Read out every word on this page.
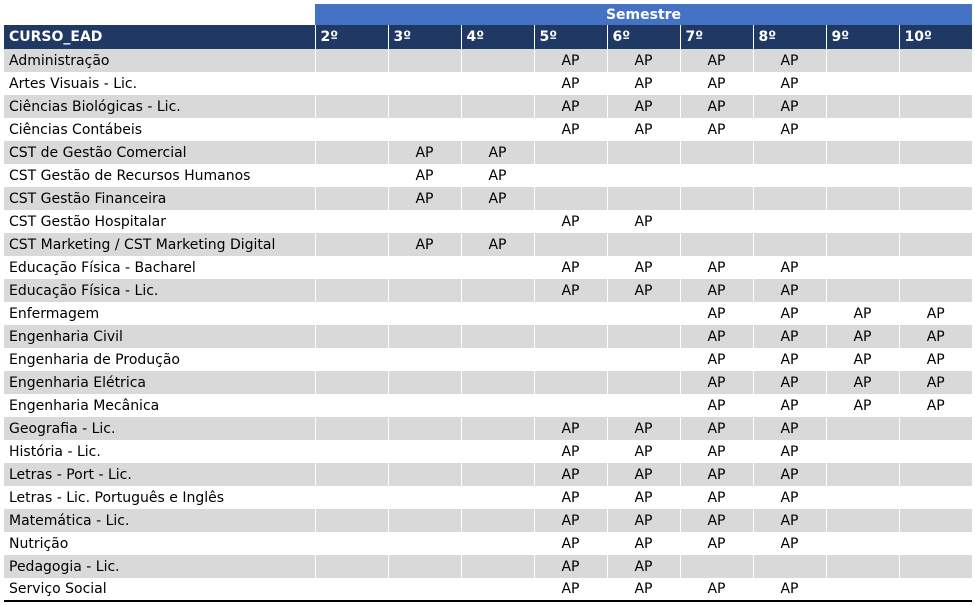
	Semestre								
CURSO_EAD	2º	3º	4º	5º	6º	7º	8º	9º	10º
Administração				AP	AP	AP	AP		
Artes Visuais - Lic.				AP	AP	AP	AP		
Ciências Biológicas - Lic.				AP	AP	AP	AP		
Ciências Contábeis				AP	AP	AP	AP		
CST de Gestão Comercial		AP	AP						
CST Gestão de Recursos Humanos		AP	AP						
CST Gestão Financeira		AP	AP						
CST Gestão Hospitalar				AP	AP				
CST Marketing / CST Marketing Digital		AP	AP						
Educação Física - Bacharel				AP	AP	AP	AP		
Educação Física - Lic.				AP	AP	AP	AP		
Enfermagem						AP	AP	AP	AP
Engenharia Civil						AP	AP	AP	AP
Engenharia de Produção						AP	AP	AP	AP
Engenharia Elétrica						AP	AP	AP	AP
Engenharia Mecânica						AP	AP	AP	AP
Geografia - Lic.				AP	AP	AP	AP		
História - Lic.				AP	AP	AP	AP		
Letras - Port - Lic.				AP	AP	AP	AP		
Letras - Lic. Português e Inglês				AP	AP	AP	AP		
Matemática - Lic.				AP	AP	AP	AP		
Nutrição				AP	AP	AP	AP		
Pedagogia - Lic.				AP	AP				
Serviço Social				AP	AP	AP	AP		
